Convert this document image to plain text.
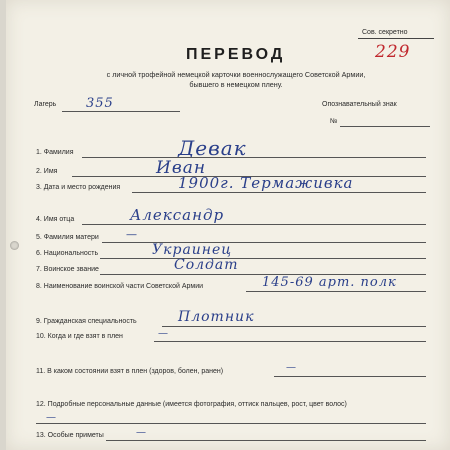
Сов. секретно
229
ПЕРЕВОД
с личной трофейной немецкой карточки военнослужащего Советской Армии,
бывшего в немецком плену.
Лагерь 355	Опознавательный знак
№
1. Фамилия	Девак
2. Имя	Иван
3. Дата и место рождения	1900г. Термаживка
4. Имя отца	Александр
5. Фамилия матери —
6. Национальность	Украинец
7. Воинское звание	Солдат
8. Наименование воинской части Советской Армии	145-69 арт. полк
9. Гражданская специальность	Плотник
10. Когда и где взят в плен	—
11. В каком состоянии взят в плен (здоров, болен, ранен)	—
12. Подробные персональные данные (имеется фотография, оттиск пальцев, рост, цвет волос)
—
13. Особые приметы	—
